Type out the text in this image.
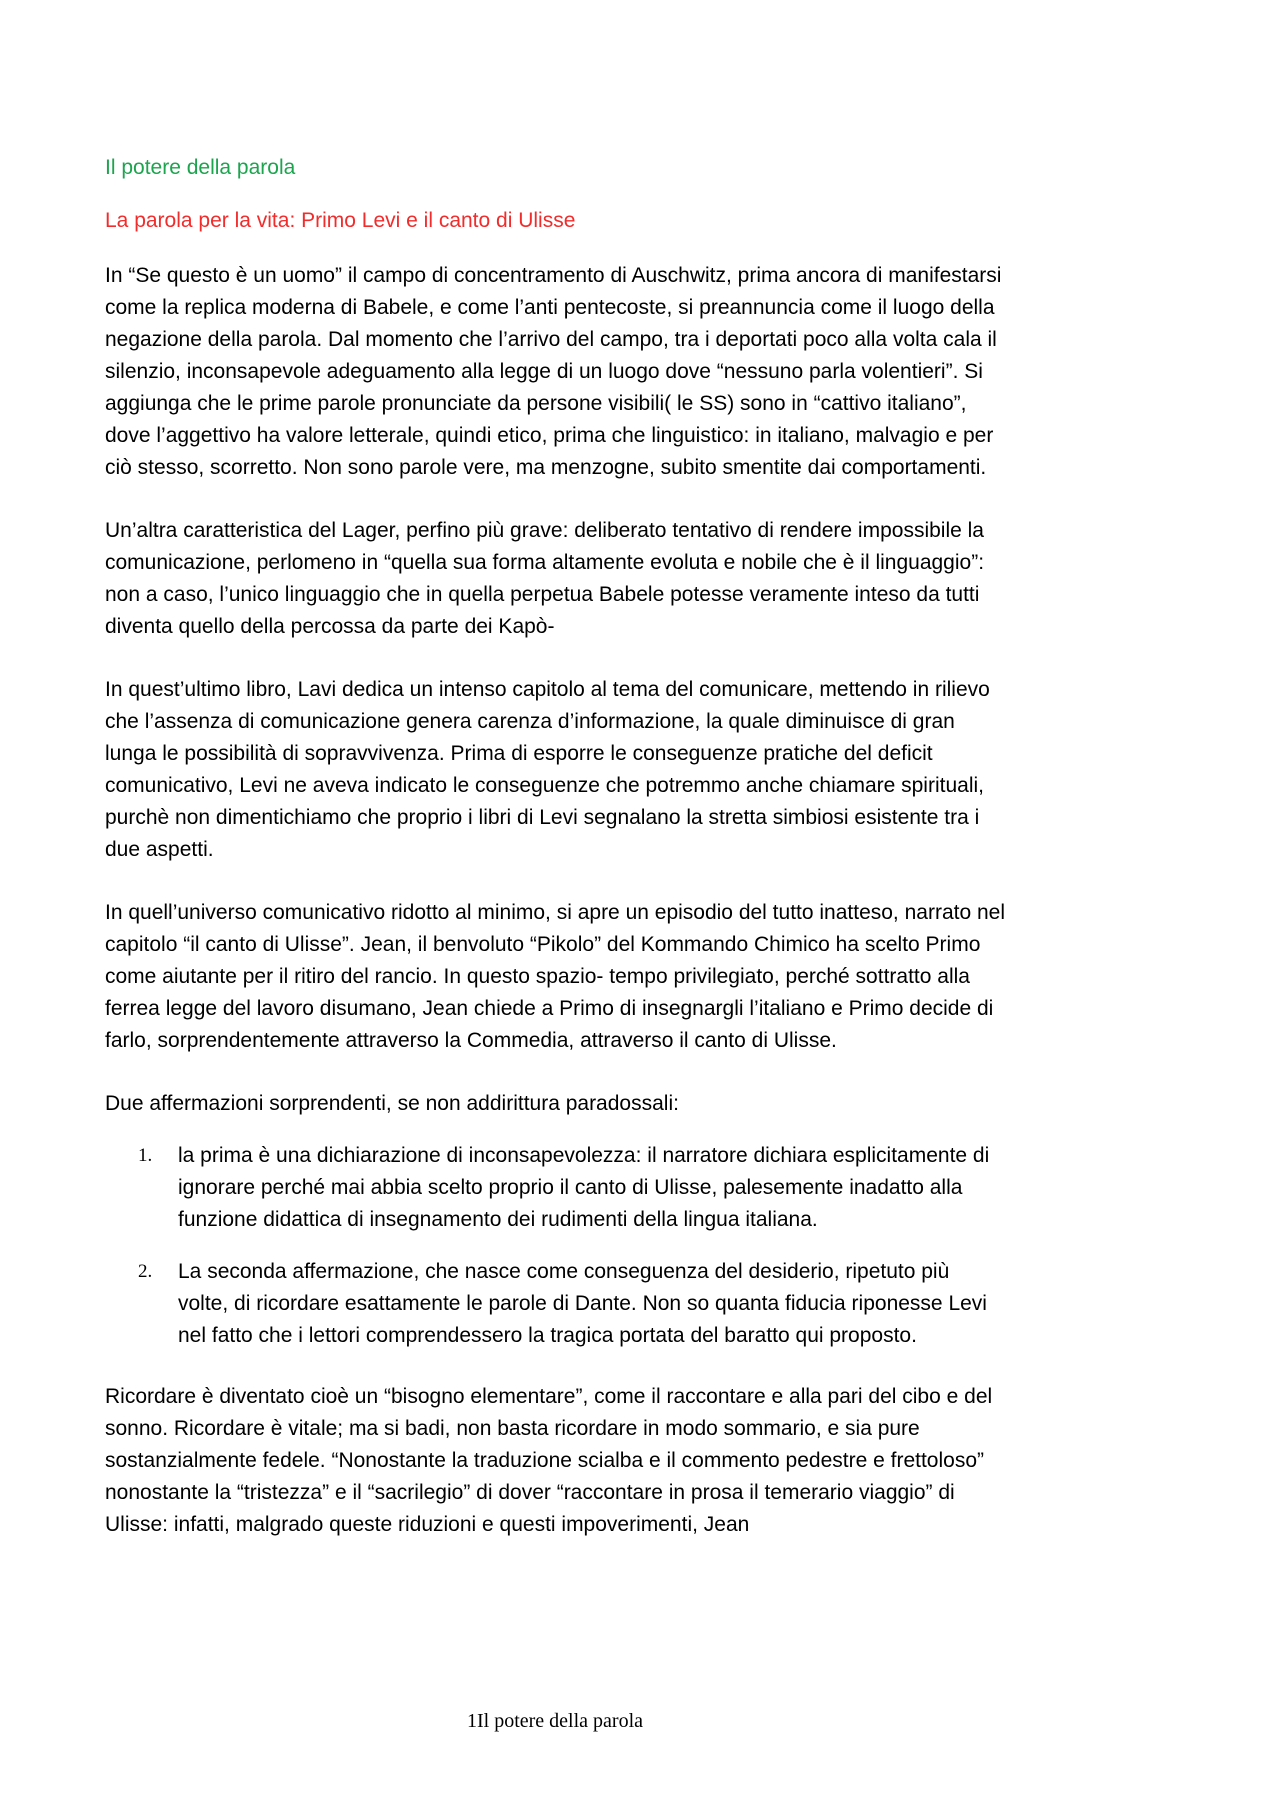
Il potere della parola
La parola per la vita: Primo Levi e il canto di Ulisse

In “Se questo è un uomo” il campo di concentramento di Auschwitz, prima ancora di manifestarsi come la replica moderna di Babele, e come l’anti pentecoste, si preannuncia come il luogo della negazione della parola. Dal momento che l’arrivo del campo, tra i deportati poco alla volta cala il silenzio, inconsapevole adeguamento alla legge di un luogo dove “nessuno parla volentieri”. Si aggiunga che le prime parole pronunciate da persone visibili( le SS) sono in “cattivo italiano”, dove l’aggettivo ha valore letterale, quindi etico, prima che linguistico: in italiano, malvagio e per ciò stesso, scorretto. Non sono parole vere, ma menzogne, subito smentite dai comportamenti.

Un’altra caratteristica del Lager, perfino più grave: deliberato tentativo di rendere impossibile la comunicazione, perlomeno in “quella sua forma altamente evoluta e nobile che è il linguaggio”: non a caso, l’unico linguaggio che in quella perpetua Babele potesse veramente inteso da tutti diventa quello della percossa da parte dei Kapò-

In quest’ultimo libro, Lavi dedica un intenso capitolo al tema del comunicare, mettendo in rilievo che l’assenza di comunicazione genera carenza d’informazione, la quale diminuisce di gran lunga le possibilità di sopravvivenza. Prima di esporre le conseguenze pratiche del deficit comunicativo, Levi ne aveva indicato le conseguenze che potremmo anche chiamare spirituali, purchè non dimentichiamo che proprio i libri di Levi segnalano la stretta simbiosi esistente tra i due aspetti.

In quell’universo comunicativo ridotto al minimo, si apre un episodio del tutto inatteso, narrato nel capitolo “il canto di Ulisse”. Jean, il benvoluto “Pikolo” del Kommando Chimico ha scelto Primo come aiutante per il ritiro del rancio. In questo spazio- tempo privilegiato, perché sottratto alla ferrea legge del lavoro disumano, Jean chiede a Primo di insegnargli l’italiano e Primo decide di farlo, sorprendentemente attraverso la Commedia, attraverso il canto di Ulisse.

Due affermazioni sorprendenti, se non addirittura paradossali:

1.	la prima è una dichiarazione di inconsapevolezza: il narratore dichiara esplicitamente di ignorare perché mai abbia scelto proprio il canto di Ulisse, palesemente inadatto alla funzione didattica di insegnamento dei rudimenti della lingua italiana.
2.	La seconda affermazione, che nasce come conseguenza del desiderio, ripetuto più volte, di ricordare esattamente le parole di Dante. Non so quanta fiducia riponesse Levi nel fatto che i lettori comprendessero la tragica portata del baratto qui proposto.

Ricordare è diventato cioè un “bisogno elementare”, come il raccontare e alla pari del cibo e del sonno. Ricordare è vitale; ma si badi, non basta ricordare in modo sommario, e sia pure sostanzialmente fedele. “Nonostante la traduzione scialba e il commento pedestre e frettoloso” nonostante la “tristezza” e il “sacrilegio” di dover “raccontare in prosa il temerario viaggio” di Ulisse: infatti, malgrado queste riduzioni e questi impoverimenti, Jean

1Il potere della parola
